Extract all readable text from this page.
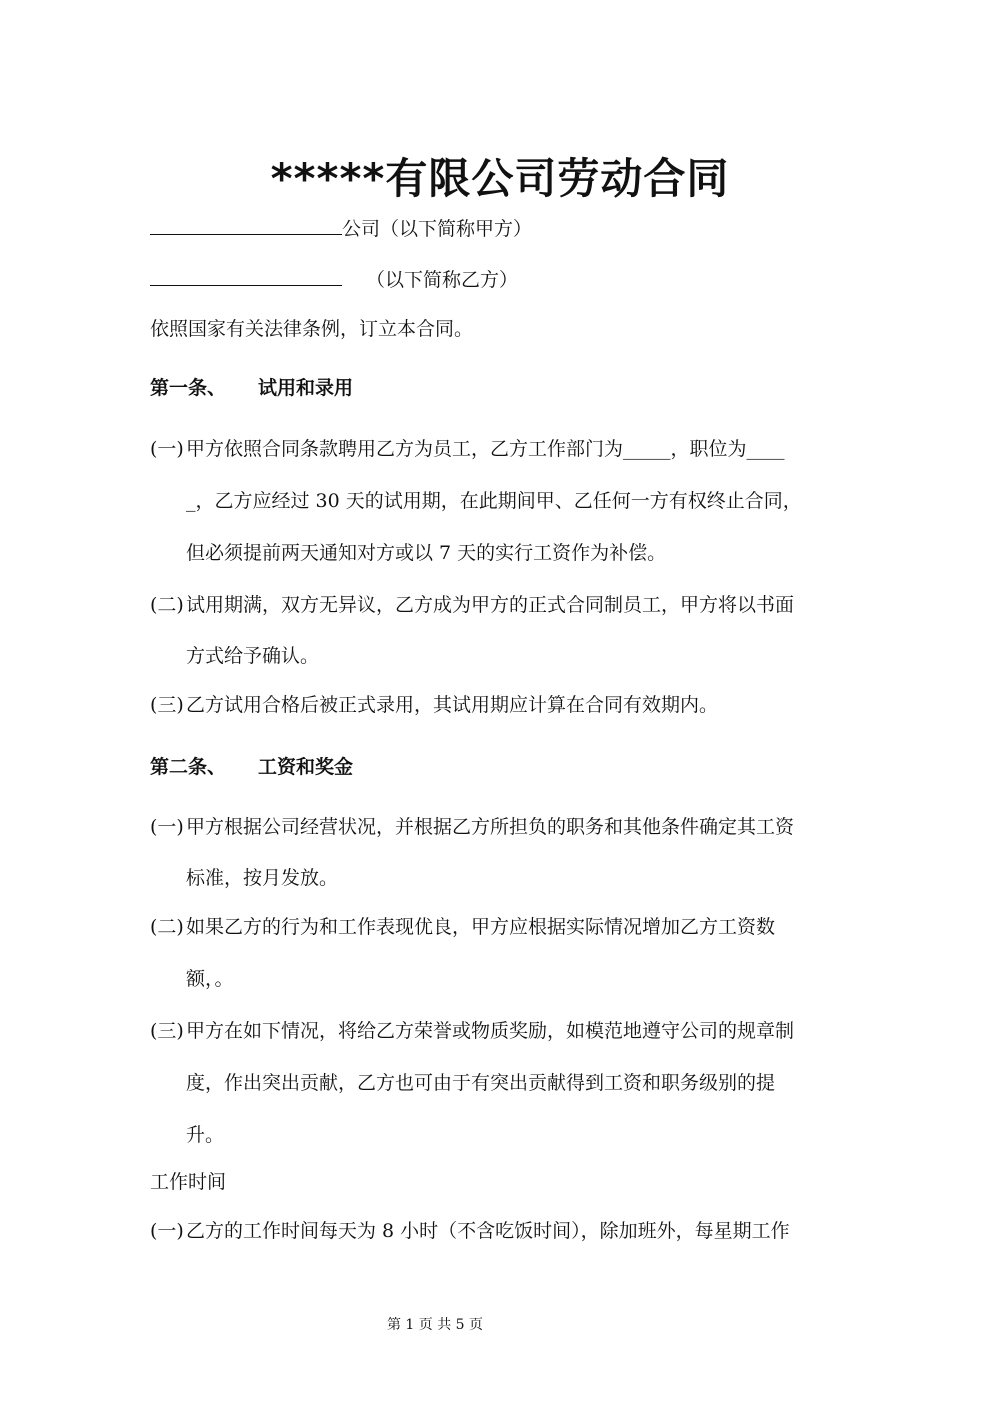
*****有限公司劳动合同
公司（以下简称甲方）
（以下简称乙方）
依照国家有关法律条例，订立本合同。
第一条、 试用和录用
(一) 甲方依照合同条款聘用乙方为员工，乙方工作部门为_____，职位为____
_，乙方应经过 30 天的试用期，在此期间甲、乙任何一方有权终止合同，
但必须提前两天通知对方或以 7 天的实行工资作为补偿。
(二) 试用期满，双方无异议，乙方成为甲方的正式合同制员工，甲方将以书面
方式给予确认。
(三) 乙方试用合格后被正式录用，其试用期应计算在合同有效期内。
第二条、 工资和奖金
(一) 甲方根据公司经营状况，并根据乙方所担负的职务和其他条件确定其工资
标准，按月发放。
(二) 如果乙方的行为和工作表现优良，甲方应根据实际情况增加乙方工资数
额，。
(三) 甲方在如下情况，将给乙方荣誉或物质奖励，如模范地遵守公司的规章制
度，作出突出贡献，乙方也可由于有突出贡献得到工资和职务级别的提
升。
工作时间
(一) 乙方的工作时间每天为 8 小时（不含吃饭时间），除加班外，每星期工作
第 1 页 共 5 页
